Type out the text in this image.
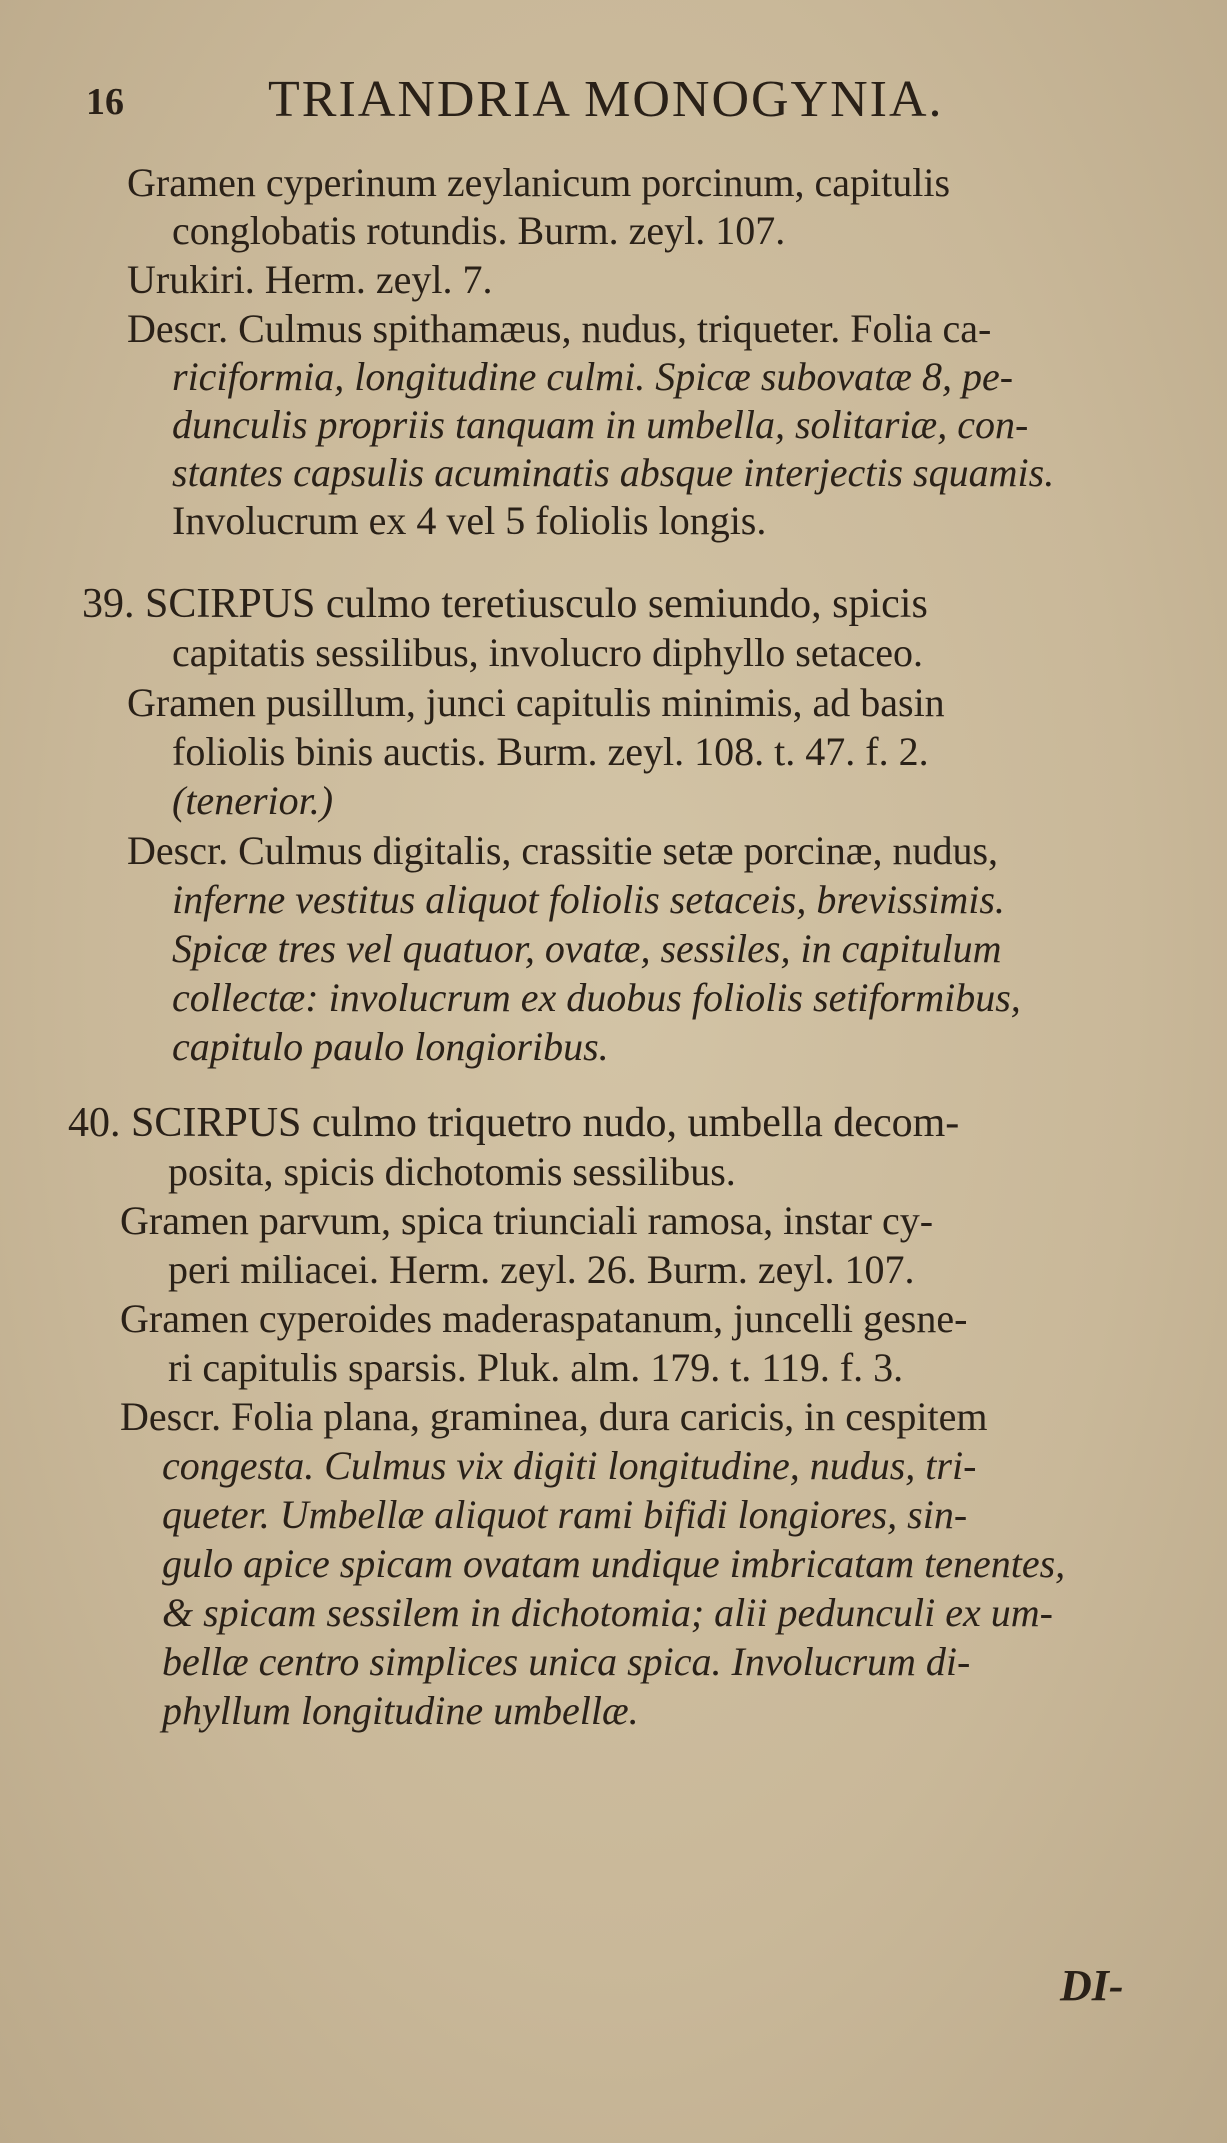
16	TRIANDRIA MONOGYNIA.
Gramen cyperinum zeylanicum porcinum, capitulis
conglobatis rotundis. Burm. zeyl. 107.
Urukiri. Herm. zeyl. 7.
Descr. Culmus spithamæus, nudus, triqueter. Folia ca-
riciformia, longitudine culmi. Spicæ subovatæ 8, pe-
dunculis propriis tanquam in umbella, solitariæ, con-
stantes capsulis acuminatis absque interjectis squamis.
Involucrum ex 4 vel 5 foliolis longis.
39. SCIRPUS culmo teretiusculo semiundo, spicis
capitatis sessilibus, involucro diphyllo setaceo.
Gramen pusillum, junci capitulis minimis, ad basin
foliolis binis auctis. Burm. zeyl. 108. t. 47. f. 2.
(tenerior.)
Descr. Culmus digitalis, crassitie setæ porcinæ, nudus,
inferne vestitus aliquot foliolis setaceis, brevissimis.
Spicæ tres vel quatuor, ovatæ, sessiles, in capitulum
collectæ: involucrum ex duobus foliolis setiformibus,
capitulo paulo longioribus.
40. SCIRPUS culmo triquetro nudo, umbella decom-
posita, spicis dichotomis sessilibus.
Gramen parvum, spica triunciali ramosa, instar cy-
peri miliacei. Herm. zeyl. 26. Burm. zeyl. 107.
Gramen cyperoides maderaspatanum, juncelli gesne-
ri capitulis sparsis. Pluk. alm. 179. t. 119. f. 3.
Descr. Folia plana, graminea, dura caricis, in cespitem
congesta. Culmus vix digiti longitudine, nudus, tri-
queter. Umbellæ aliquot rami bifidi longiores, sin-
gulo apice spicam ovatam undique imbricatam tenentes,
& spicam sessilem in dichotomia; alii pedunculi ex um-
bellæ centro simplices unica spica. Involucrum di-
phyllum longitudine umbellæ.
DI-
